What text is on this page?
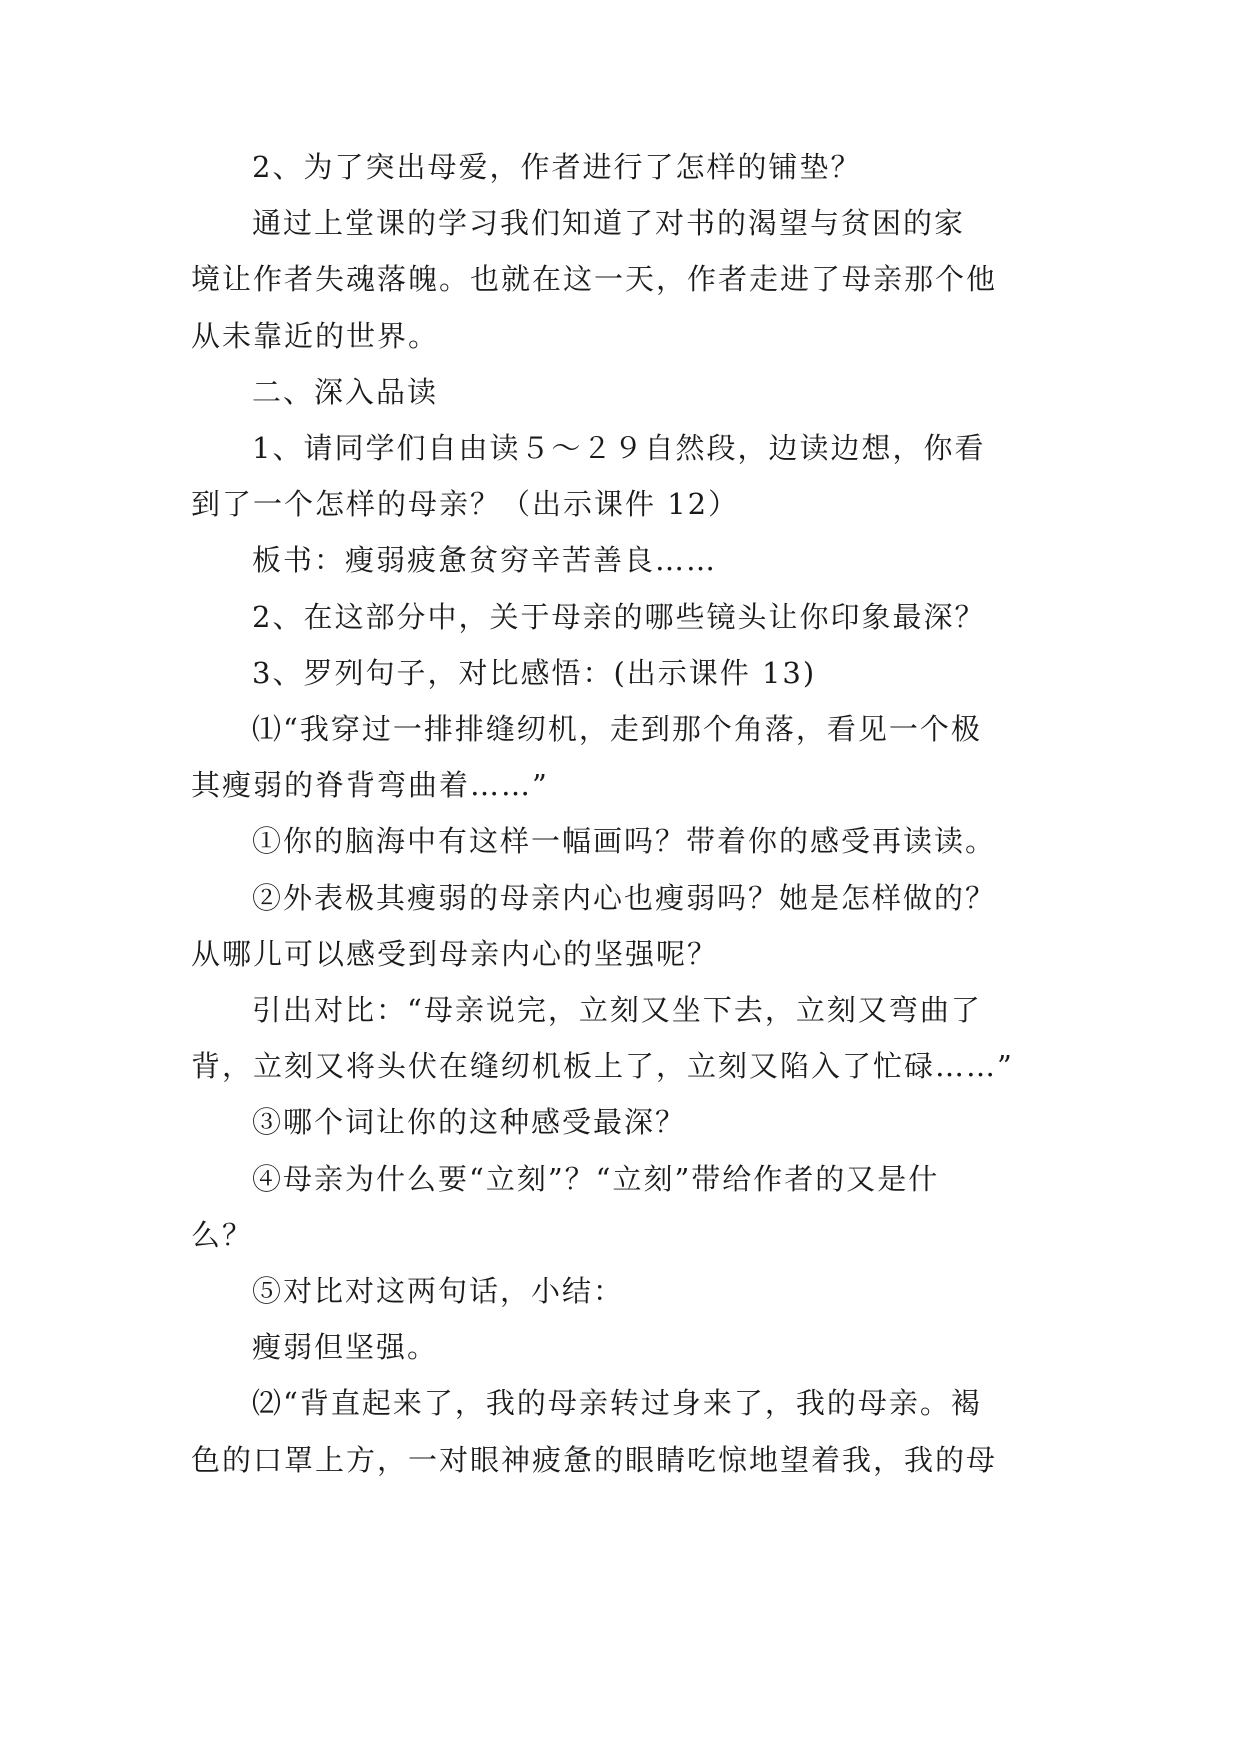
2、为了突出母爱，作者进行了怎样的铺垫？
通过上堂课的学习我们知道了对书的渴望与贫困的家
境让作者失魂落魄。也就在这一天，作者走进了母亲那个他
从未靠近的世界。
二、深入品读
1、请同学们自由读５～２９自然段，边读边想，你看
到了一个怎样的母亲？（出示课件 12）
板书：瘦弱疲惫贫穷辛苦善良……
2、在这部分中，关于母亲的哪些镜头让你印象最深？
3、罗列句子，对比感悟：(出示课件 13)
⑴“我穿过一排排缝纫机，走到那个角落，看见一个极
其瘦弱的脊背弯曲着……”
①你的脑海中有这样一幅画吗？带着你的感受再读读。
②外表极其瘦弱的母亲内心也瘦弱吗？她是怎样做的？
从哪儿可以感受到母亲内心的坚强呢？
引出对比：“母亲说完，立刻又坐下去，立刻又弯曲了
背，立刻又将头伏在缝纫机板上了，立刻又陷入了忙碌……”
③哪个词让你的这种感受最深？
④母亲为什么要“立刻”？“立刻”带给作者的又是什
么？
⑤对比对这两句话，小结：
瘦弱但坚强。
⑵“背直起来了，我的母亲转过身来了，我的母亲。褐
色的口罩上方，一对眼神疲惫的眼睛吃惊地望着我，我的母
